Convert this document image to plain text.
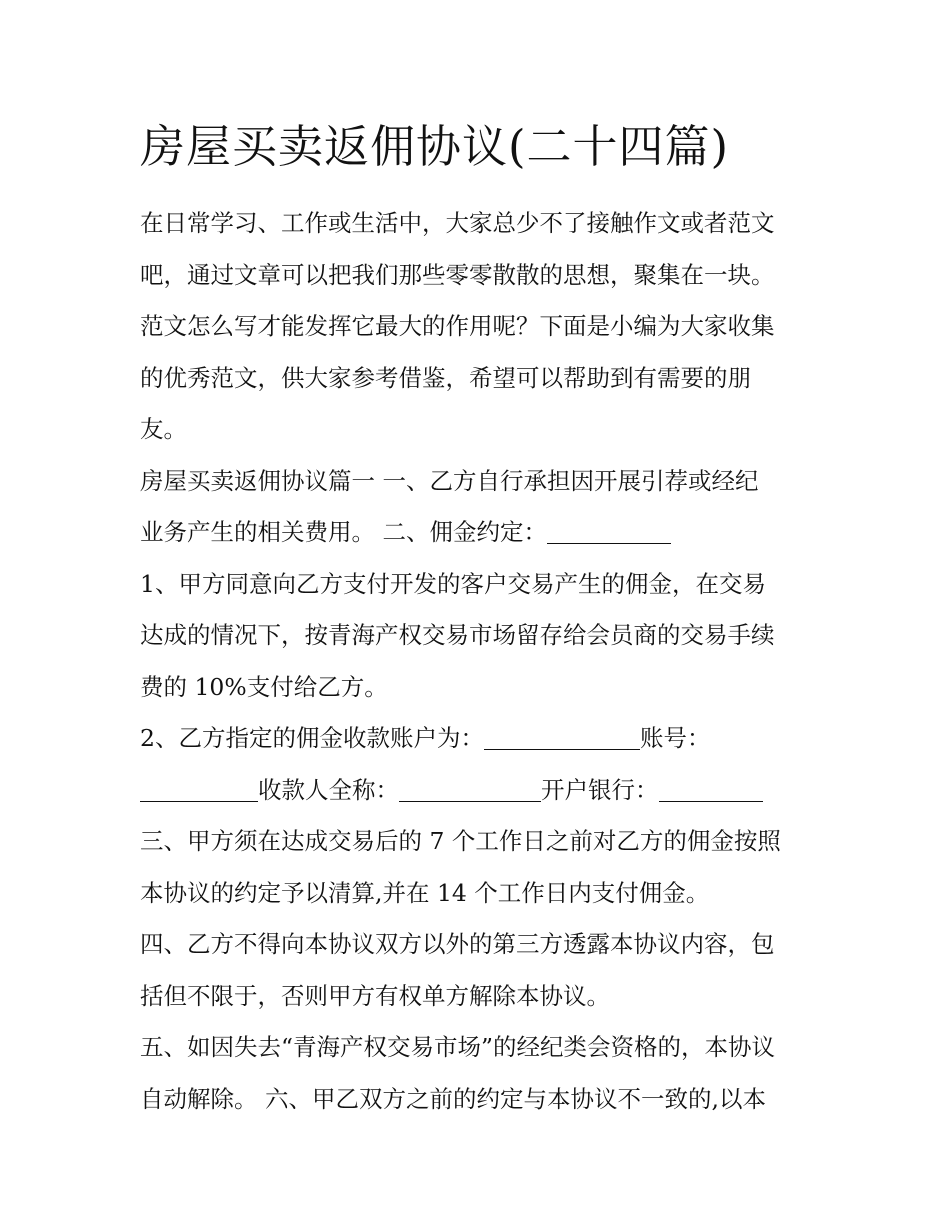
房屋买卖返佣协议(二十四篇)
在日常学习、工作或生活中，大家总少不了接触作文或者范文
吧，通过文章可以把我们那些零零散散的思想，聚集在一块。
范文怎么写才能发挥它最大的作用呢？下面是小编为大家收集
的优秀范文，供大家参考借鉴，希望可以帮助到有需要的朋
友。
房屋买卖返佣协议篇一 一、乙方自行承担因开展引荐或经纪
业务产生的相关费用。 二、佣金约定：
1、甲方同意向乙方支付开发的客户交易产生的佣金，在交易
达成的情况下，按青海产权交易市场留存给会员商的交易手续
费的 10%支付给乙方。
2、乙方指定的佣金收款账户为：	账号：
收款人全称：	开户银行：
三、甲方须在达成交易后的 7 个工作日之前对乙方的佣金按照
本协议的约定予以清算,并在 14 个工作日内支付佣金。
四、乙方不得向本协议双方以外的第三方透露本协议内容，包
括但不限于，否则甲方有权单方解除本协议。
五、如因失去“青海产权交易市场”的经纪类会资格的，本协议
自动解除。 六、甲乙双方之前的约定与本协议不一致的,以本
